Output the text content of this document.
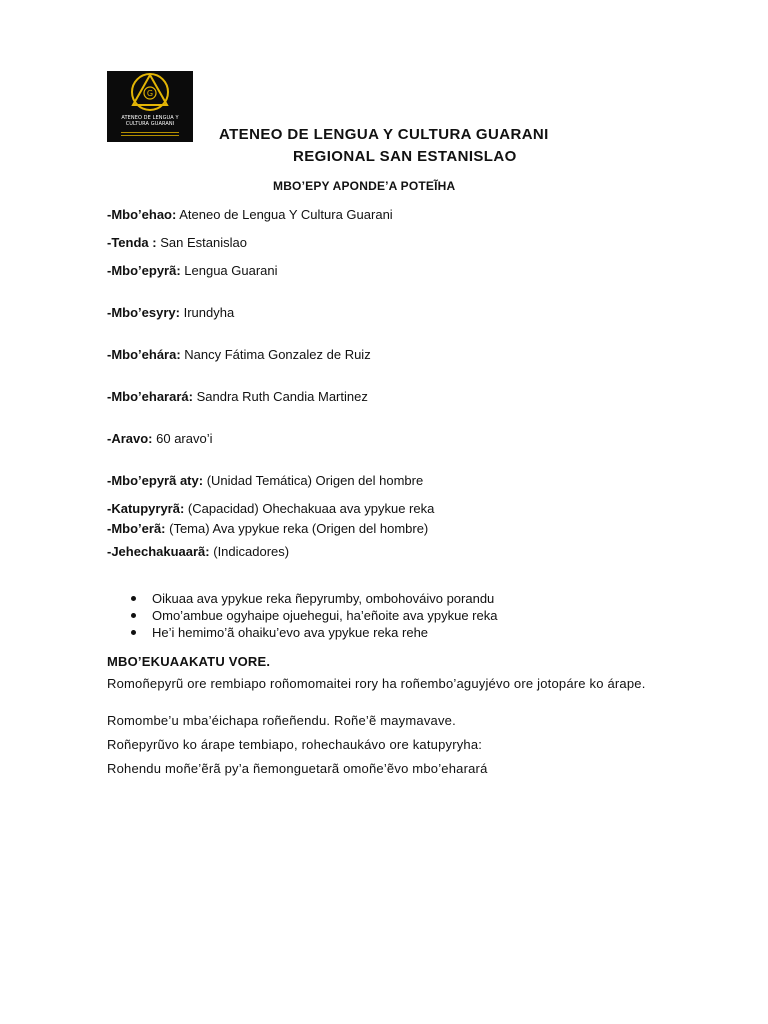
G
ATENEO DE LENGUA Y
CULTURA GUARANI
ATENEO DE LENGUA Y CULTURA GUARANI
REGIONAL SAN ESTANISLAO
MBO’EPY APONDE’A POTEĨHA
-Mbo’ehao: Ateneo de Lengua Y Cultura Guarani
-Tenda : San Estanislao
-Mbo’epyrã: Lengua Guarani
-Mbo’esyry: Irundyha
-Mbo’ehára: Nancy Fátima Gonzalez de Ruiz
-Mbo’eharará: Sandra Ruth Candia Martinez
-Aravo: 60 aravo’i
-Mbo’epyrã aty: (Unidad Temática) Origen del hombre
-Katupyryrã: (Capacidad) Ohechakuaa ava ypykue reka
-Mbo’erã: (Tema) Ava ypykue reka (Origen del hombre)
-Jehechakuaarã: (Indicadores)
Oikuaa ava ypykue reka ñepyrumby, ombohováivo porandu
Omo’ambue ogyhaipe ojuehegui, ha’eñoite ava ypykue reka
He’i hemimo’ã ohaiku’evo ava ypykue reka rehe
MBO’EKUAAKATU VORE.
Romoñepyrũ ore rembiapo roñomomaitei rory ha roñembo’aguyjévo ore jotopáre ko árape.
Romombe’u mba’éichapa roñeñendu. Roñe’ẽ maymavave.
Roñepyrũvo ko árape tembiapo, rohechaukávo ore katupyryha:
Rohendu moñe’ẽrã py’a ñemonguetarã omoñe’ẽvo mbo’eharará
